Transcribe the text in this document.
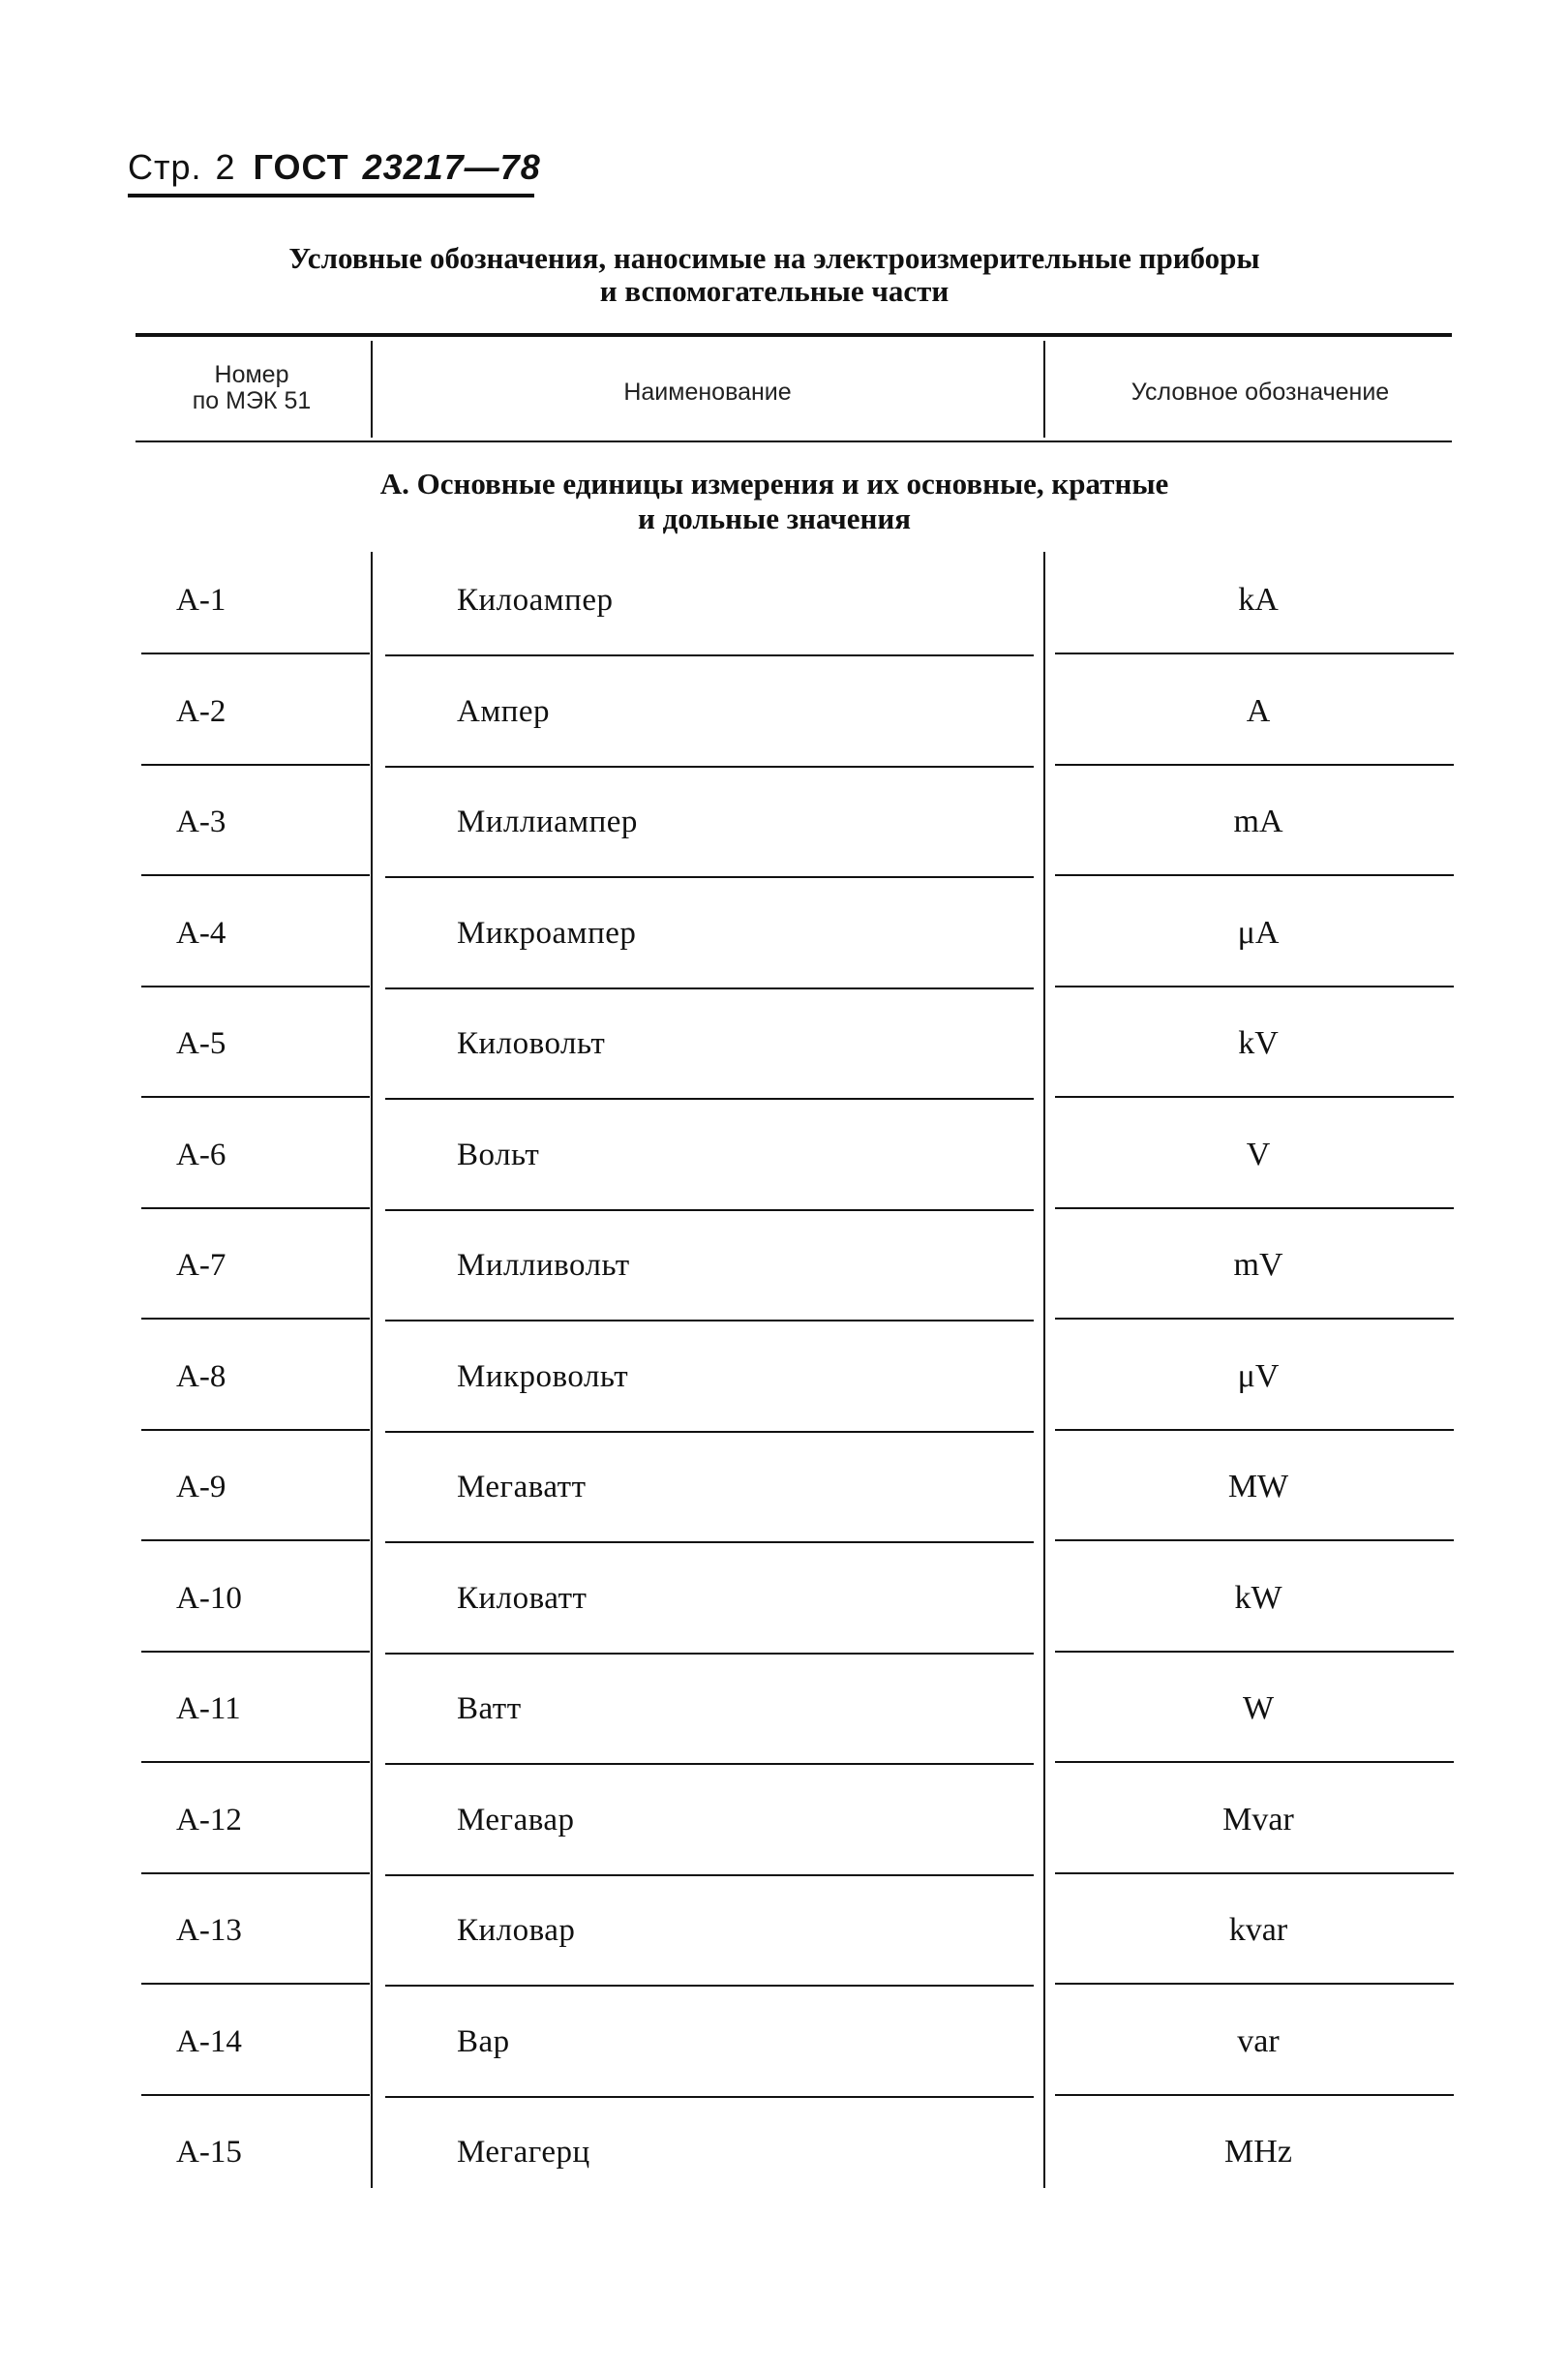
Стр. 2 ГОСТ 23217—78
Условные обозначения, наносимые на электроизмерительные приборы
и вспомогательные части
Номер
по МЭК 51	Наименование	Условное обозначение
А. Основные единицы измерения и их основные, кратные
и дольные значения
А-1	Килоампер	kA
А-2	Ампер	A
А-3	Миллиампер	mA
А-4	Микроампер	μA
А-5	Киловольт	kV
А-6	Вольт	V
А-7	Милливольт	mV
А-8	Микровольт	μV
А-9	Мегаватт	MW
А-10	Киловатт	kW
А-11	Ватт	W
А-12	Мегавар	Mvar
А-13	Киловар	kvar
А-14	Вар	var
А-15	Мегагерц	MHz
